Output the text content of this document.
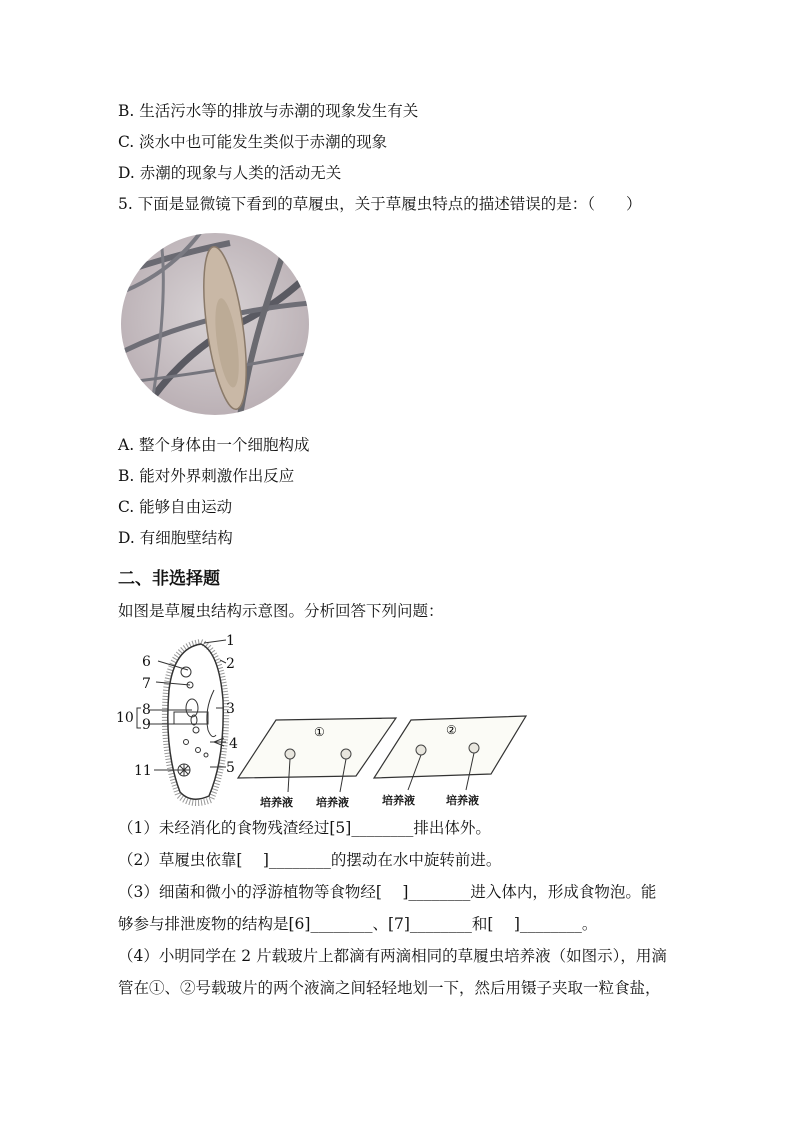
B. 生活污水等的排放与赤潮的现象发生有关
C. 淡水中也可能发生类似于赤潮的现象
D. 赤潮的现象与人类的活动无关
5. 下面是显微镜下看到的草履虫，关于草履虫特点的描述错误的是：（　　）
A. 整个身体由一个细胞构成
B. 能对外界刺激作出反应
C. 能够自由运动
D. 有细胞壁结构
二、非选择题
如图是草履虫结构示意图。分析回答下列问题：
1
2
3
4
5
6
7
8
9
10
11
①	②
培养液 培养液	培养液	培养液
（1）未经消化的食物残渣经过[5]________排出体外。
（2）草履虫依靠[　 ]________的摆动在水中旋转前进。
（3）细菌和微小的浮游植物等食物经[　 ]________进入体内，形成食物泡。能
够参与排泄废物的结构是[6]________、[7]________和[　 ]________。
（4）小明同学在 2 片载玻片上都滴有两滴相同的草履虫培养液（如图示），用滴
管在①、②号载玻片的两个液滴之间轻轻地划一下，然后用镊子夹取一粒食盐，
